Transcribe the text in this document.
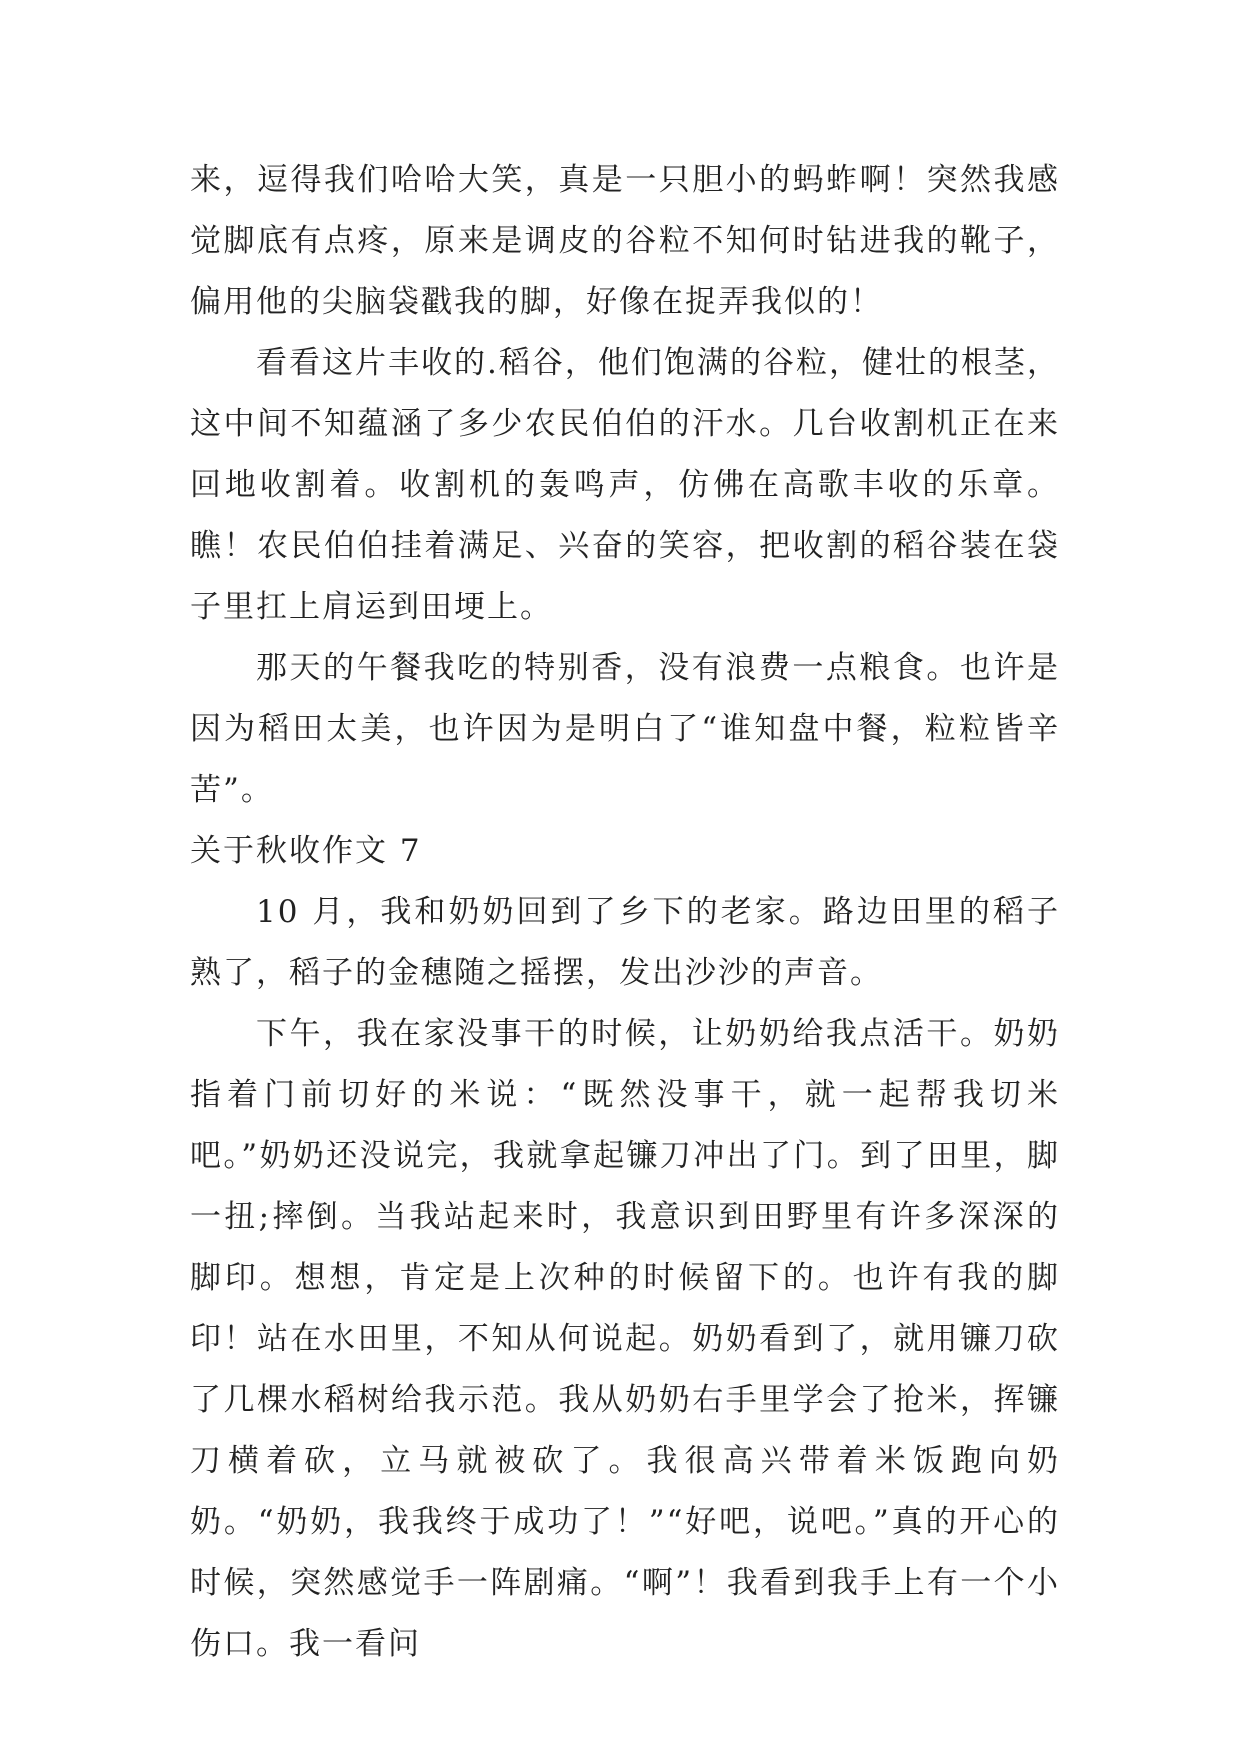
来，逗得我们哈哈大笑，真是一只胆小的蚂蚱啊！突然我感觉脚底有点疼，原来是调皮的谷粒不知何时钻进我的靴子，偏用他的尖脑袋戳我的脚，好像在捉弄我似的！

看看这片丰收的.稻谷，他们饱满的谷粒，健壮的根茎，这中间不知蕴涵了多少农民伯伯的汗水。几台收割机正在来回地收割着。收割机的轰鸣声，仿佛在高歌丰收的乐章。瞧！农民伯伯挂着满足、兴奋的笑容，把收割的稻谷装在袋子里扛上肩运到田埂上。

那天的午餐我吃的特别香，没有浪费一点粮食。也许是因为稻田太美，也许因为是明白了“谁知盘中餐，粒粒皆辛苦”。

关于秋收作文 7

10 月，我和奶奶回到了乡下的老家。路边田里的稻子熟了，稻子的金穗随之摇摆，发出沙沙的声音。

下午，我在家没事干的时候，让奶奶给我点活干。奶奶指着门前切好的米说：“既然没事干，就一起帮我切米吧。”奶奶还没说完，我就拿起镰刀冲出了门。到了田里，脚一扭;摔倒。当我站起来时，我意识到田野里有许多深深的脚印。想想，肯定是上次种的时候留下的。也许有我的脚印！站在水田里，不知从何说起。奶奶看到了，就用镰刀砍了几棵水稻树给我示范。我从奶奶右手里学会了抢米，挥镰刀横着砍，立马就被砍了。我很高兴带着米饭跑向奶奶。“奶奶，我我终于成功了！”“好吧，说吧。”真的开心的时候，突然感觉手一阵剧痛。“啊”！我看到我手上有一个小伤口。我一看问
